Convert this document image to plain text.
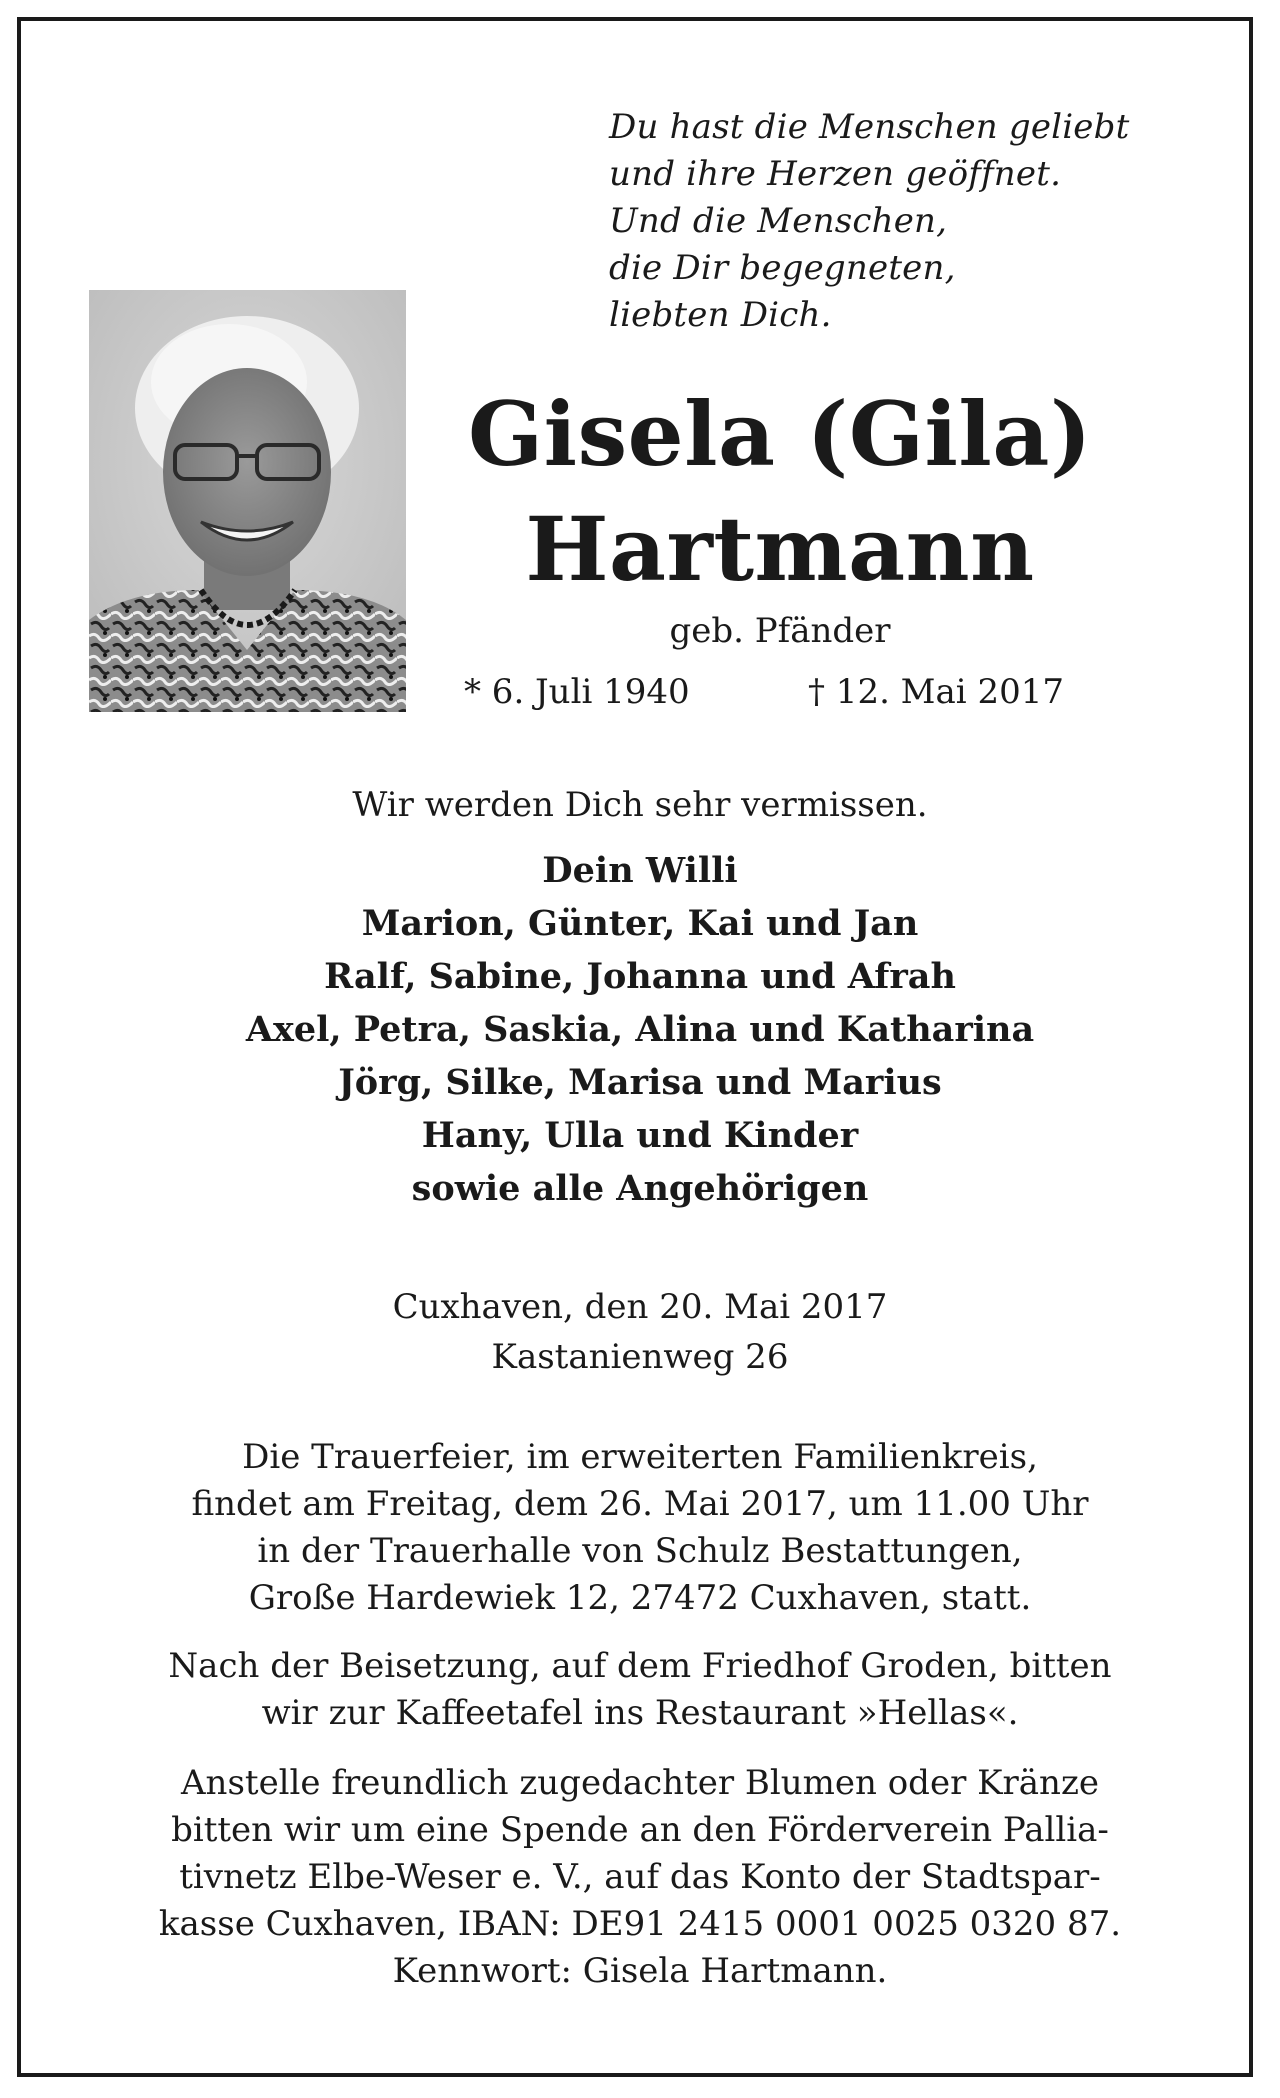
Du hast die Menschen geliebt
und ihre Herzen geöffnet.
Und die Menschen,
die Dir begegneten,
liebten Dich.
Gisela (Gila)
Hartmann
geb. Pfänder
* 6. Juli 1940	† 12. Mai 2017
Wir werden Dich sehr vermissen.
Dein Willi
Marion, Günter, Kai und Jan
Ralf, Sabine, Johanna und Afrah
Axel, Petra, Saskia, Alina und Katharina
Jörg, Silke, Marisa und Marius
Hany, Ulla und Kinder
sowie alle Angehörigen
Cuxhaven, den 20. Mai 2017
Kastanienweg 26
Die Trauerfeier, im erweiterten Familienkreis,
findet am Freitag, dem 26. Mai 2017, um 11.00 Uhr
in der Trauerhalle von Schulz Bestattungen,
Große Hardewiek 12, 27472 Cuxhaven, statt.
Nach der Beisetzung, auf dem Friedhof Groden, bitten
wir zur Kaffeetafel ins Restaurant »Hellas«.
Anstelle freundlich zugedachter Blumen oder Kränze
bitten wir um eine Spende an den Förderverein Pallia-
tivnetz Elbe-Weser e. V., auf das Konto der Stadtspar-
kasse Cuxhaven, IBAN: DE91 2415 0001 0025 0320 87.
Kennwort: Gisela Hartmann.
